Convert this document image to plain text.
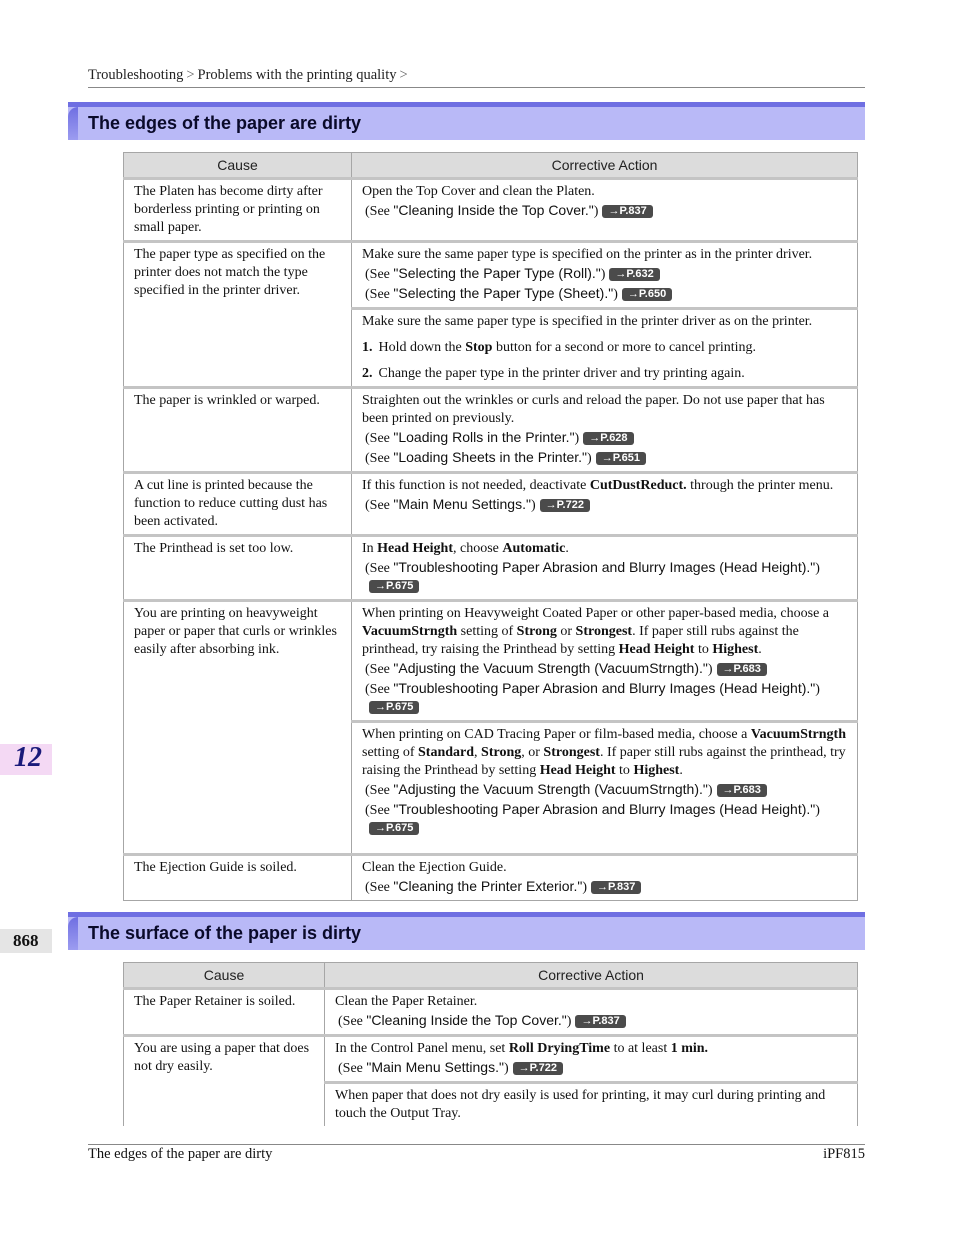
Troubleshooting > Problems with the printing quality >
The edges of the paper are dirty
Cause	Corrective Action
The Platen has become dirty after borderless printing or printing on small paper.	Open the Top Cover and clean the Platen.
(See "Cleaning Inside the Top Cover.") →P.837

The paper type as specified on the printer does not match the type specified in the printer driver.	Make sure the same paper type is specified on the printer as in the printer driver.
(See "Selecting the Paper Type (Roll).") →P.632
(See "Selecting the Paper Type (Sheet).") →P.650

	Make sure the same paper type is specified in the printer driver as on the printer.
1. Hold down the Stop button for a second or more to cancel printing.
2. Change the paper type in the printer driver and try printing again.

The paper is wrinkled or warped.	Straighten out the wrinkles or curls and reload the paper. Do not use paper that has been printed on previously.
(See "Loading Rolls in the Printer.") →P.628
(See "Loading Sheets in the Printer.") →P.651

A cut line is printed because the function to reduce cutting dust has been activated.	If this function is not needed, deactivate CutDustReduct. through the printer menu.
(See "Main Menu Settings.") →P.722

The Printhead is set too low.	In Head Height, choose Automatic.
(See "Troubleshooting Paper Abrasion and Blurry Images (Head Height).")→P.675

You are printing on heavyweight paper or paper that curls or wrinkles easily after absorbing ink.	When printing on Heavyweight Coated Paper or other paper-based media, choose a VacuumStrngth setting of Strong or Strongest. If paper still rubs against the printhead, try raising the Printhead by setting Head Height to Highest.
(See "Adjusting the Vacuum Strength (VacuumStrngth).") →P.683
(See "Troubleshooting Paper Abrasion and Blurry Images (Head Height).")→P.675

	When printing on CAD Tracing Paper or film-based media, choose a VacuumStrngth setting of Standard, Strong, or Strongest. If paper still rubs against the printhead, try raising the Printhead by setting Head Height to Highest.
(See "Adjusting the Vacuum Strength (VacuumStrngth).") →P.683
(See "Troubleshooting Paper Abrasion and Blurry Images (Head Height).")→P.675

The Ejection Guide is soiled.	Clean the Ejection Guide.
(See "Cleaning the Printer Exterior.") →P.837
12
868	The surface of the paper is dirty
Cause	Corrective Action
The Paper Retainer is soiled.	Clean the Paper Retainer.
(See "Cleaning Inside the Top Cover.") →P.837

You are using a paper that does not dry easily.	In the Control Panel menu, set Roll DryingTime to at least 1 min.
(See "Main Menu Settings.") →P.722

	When paper that does not dry easily is used for printing, it may curl during printing and touch the Output Tray.
The edges of the paper are dirty	iPF815
